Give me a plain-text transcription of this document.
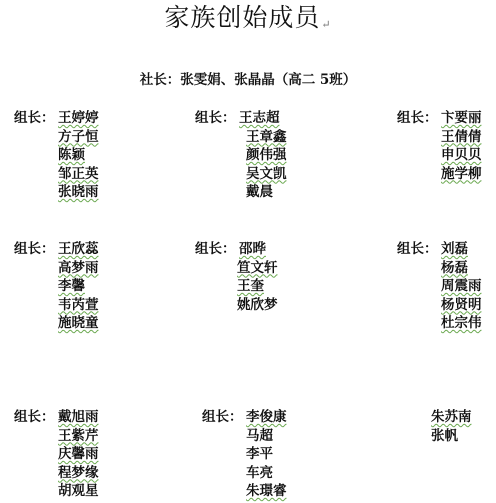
家族创始成员↵
社长：张雯娟、张晶晶（高二 5班）
组长： 王婷婷
方子恒
陈颖
邹正英
张晓雨
组长： 王志超
王章鑫
颜伟强
吴文凯
戴晨
组长： 卞要丽
王倩倩
申贝贝
施学柳
组长： 王欣蕊
高梦雨
李馨
韦芮萱
施晓童
组长： 邵晔
笪文轩
王奎
姚欣梦
组长： 刘磊
杨磊
周震雨
杨贤明
杜宗伟
组长： 戴旭雨
王紫芹
庆馨雨
程梦缘
胡观星
组长： 李俊康
马超
李平
车亮
朱璟睿
朱苏南
张帆
